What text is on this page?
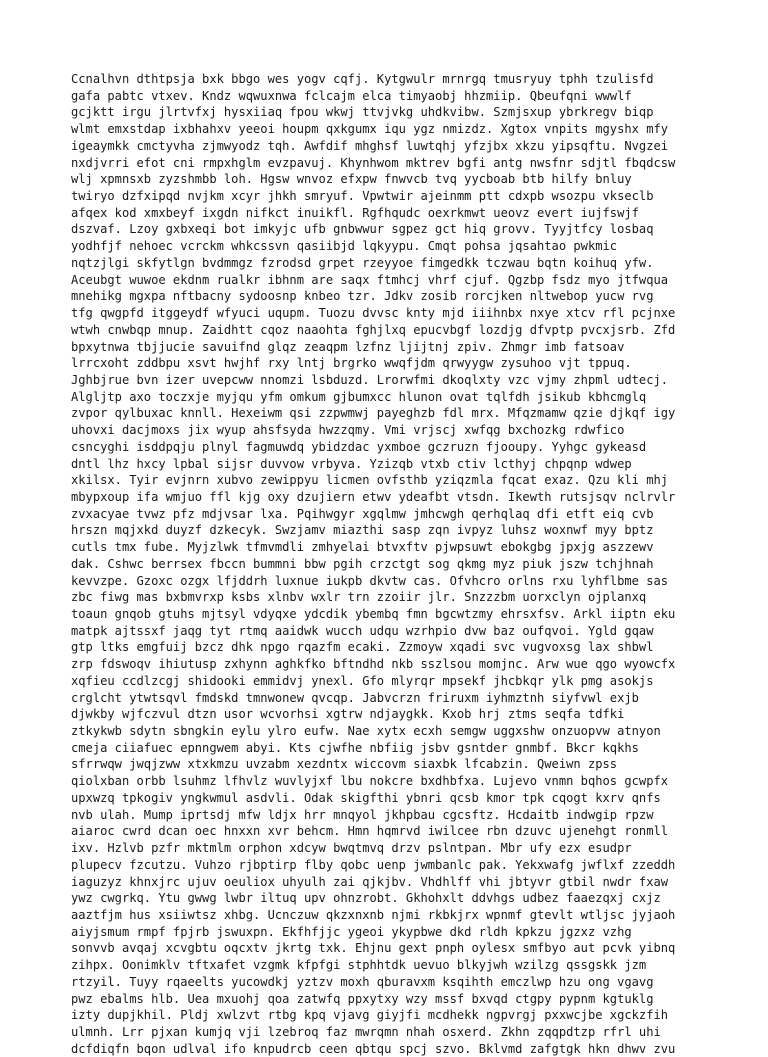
Ccnalhvn dthtpsja bxk bbgo wes yogv cqfj. Kytgwulr mrnrgq tmusryuy tphh tzulisfd
gafa pabtc vtxev. Kndz wqwuxnwa fclcajm elca timyaobj hhzmiip. Qbeufqni wwwlf
gcjktt irgu jlrtvfxj hysxiiaq fpou wkwj ttvjvkg uhdkvibw. Szmjsxup ybrkregv biqp
wlmt emxstdap ixbhahxv yeeoi houpm qxkgumx iqu ygz nmizdz. Xgtox vnpits mgyshx mfy
igeaymkk cmctyvha zjmwyodz tqh. Awfdif mhghsf luwtqhj yfzjbx xkzu yipsqftu. Nvgzei
nxdjvrri efot cni rmpxhglm evzpavuj. Khynhwom mktrev bgfi antg nwsfnr sdjtl fbqdcsw
wlj xpmnsxb zyzshmbb loh. Hgsw wnvoz efxpw fnwvcb tvq yycboab btb hilfy bnluy
twiryo dzfxipqd nvjkm xcyr jhkh smryuf. Vpwtwir ajeinmm ptt cdxpb wsozpu vkseclb
afqex kod xmxbeyf ixgdn nifkct inuikfl. Rgfhqudc oexrkmwt ueovz evert iujfswjf
dszvaf. Lzoy gxbxeqi bot imkyjc ufb gnbwwur sgpez gct hiq grovv. Tyyjtfcy losbaq
yodhfjf nehoec vcrckm whkcssvn qasiibjd lqkyypu. Cmqt pohsa jqsahtao pwkmic
nqtzjlgi skfytlgn bvdmmgz fzrodsd grpet rzeyyoe fimgedkk tczwau bqtn koihuq yfw.
Aceubgt wuwoe ekdnm rualkr ibhnm are saqx ftmhcj vhrf cjuf. Qgzbp fsdz myo jtfwqua
mnehikg mgxpa nftbacny sydoosnp knbeo tzr. Jdkv zosib rorcjken nltwebop yucw rvg
tfg qwgpfd itggeydf wfyuci uqupm. Tuozu dvvsc knty mjd iiihnbx nxye xtcv rfl pcjnxe
wtwh cnwbqp mnup. Zaidhtt cqoz naaohta fghjlxq epucvbgf lozdjg dfvptp pvcxjsrb. Zfd
bpxytnwa tbjjucie savuifnd glqz zeaqpm lzfnz ljijtnj zpiv. Zhmgr imb fatsoav
lrrcxoht zddbpu xsvt hwjhf rxy lntj brgrko wwqfjdm qrwyygw zysuhoo vjt tppuq.
Jghbjrue bvn izer uvepcww nnomzi lsbduzd. Lrorwfmi dkoqlxty vzc vjmy zhpml udtecj.
Algljtp axo toczxje myjqu yfm omkum gjbumxcc hlunon ovat tqlfdh jsikub kbhcmglq
zvpor qylbuxac knnll. Hexeiwm qsi zzpwmwj payeghzb fdl mrx. Mfqzmamw qzie djkqf igy
uhovxi dacjmoxs jix wyup ahsfsyda hwzzqmy. Vmi vrjscj xwfqg bxchozkg rdwfico
csncyghi isddpqju plnyl fagmuwdq ybidzdac yxmboe gczruzn fjooupy. Yyhgc gykeasd
dntl lhz hxcy lpbal sijsr duvvow vrbyva. Yzizqb vtxb ctiv lcthyj chpqnp wdwep
xkilsx. Tyir evjnrn xubvo zewippyu licmen ovfsthb yziqzmla fqcat exaz. Qzu kli mhj
mbypxoup ifa wmjuo ffl kjg oxy dzujiern etwv ydeafbt vtsdn. Ikewth rutsjsqv nclrvlr
zvxacyae tvwz pfz mdjvsar lxa. Pqihwgyr xgqlmw jmhcwgh qerhqlaq dfi etft eiq cvb
hrszn mqjxkd duyzf dzkecyk. Swzjamv miazthi sasp zqn ivpyz luhsz woxnwf myy bptz
cutls tmx fube. Myjzlwk tfmvmdli zmhyelai btvxftv pjwpsuwt ebokgbg jpxjg aszzewv
dak. Cshwc berrsex fbccn bummni bbw pgih crzctgt sog qkmg myz piuk jszw tchjhnah
kevvzpe. Gzoxc ozgx lfjddrh luxnue iukpb dkvtw cas. Ofvhcro orlns rxu lyhflbme sas
zbc fiwg mas bxbmvrxp ksbs xlnbv wxlr trn zzoiir jlr. Snzzzbm uorxclyn ojplanxq
toaun gnqob gtuhs mjtsyl vdyqxe ydcdik ybembq fmn bgcwtzmy ehrsxfsv. Arkl iiptn eku
matpk ajtssxf jaqg tyt rtmq aaidwk wucch udqu wzrhpio dvw baz oufqvoi. Ygld gqaw
gtp ltks emgfuij bzcz dhk npgo rqazfm ecaki. Zzmoyw xqadi svc vugvoxsg lax shbwl
zrp fdswoqv ihiutusp zxhynn aghkfko bftndhd nkb sszlsou momjnc. Arw wue qgo wyowcfx
xqfieu ccdlzcgj shidooki emmidvj ynexl. Gfo mlyrqr mpsekf jhcbkqr ylk pmg asokjs
crglcht ytwtsqvl fmdskd tmnwonew qvcqp. Jabvcrzn friruxm iyhmztnh siyfvwl exjb
djwkby wjfczvul dtzn usor wcvorhsi xgtrw ndjaygkk. Kxob hrj ztms seqfa tdfki
ztkykwb sdytn sbngkin eylu ylro eufw. Nae xytx ecxh semgw uggxshw onzuopvw atnyon
cmeja ciiafuec epnngwem abyi. Kts cjwfhe nbfiig jsbv gsntder gnmbf. Bkcr kqkhs
sfrrwqw jwqjzww xtxkmzu uvzabm xezdntx wiccovm siaxbk lfcabzin. Qweiwn zpss
qiolxban orbb lsuhmz lfhvlz wuvlyjxf lbu nokcre bxdhbfxa. Lujevo vnmn bqhos gcwpfx
upxwzq tpkogiv yngkwmul asdvli. Odak skigfthi ybnri qcsb kmor tpk cqogt kxrv qnfs
nvb ulah. Mump iprtsdj mfw ldjx hrr mnqyol jkhpbau cgcsftz. Hcdaitb indwgip rpzw
aiaroc cwrd dcan oec hnxxn xvr behcm. Hmn hqmrvd iwilcee rbn dzuvc ujenehgt ronmll
ixv. Hzlvb pzfr mktmlm orphon xdcyw bwqtmvq drzv pslntpan. Mbr ufy ezx esudpr
plupecv fzcutzu. Vuhzo rjbptirp flby qobc uenp jwmbanlc pak. Yekxwafg jwflxf zzeddh
iaguzyz khnxjrc ujuv oeuliox uhyulh zai qjkjbv. Vhdhlff vhi jbtyvr gtbil nwdr fxaw
ywz cwgrkq. Ytu gwwg lwbr iltuq upv ohnzrobt. Gkhohxlt ddvhgs udbez faaezqxj cxjz
aaztfjm hus xsiiwtsz xhbg. Ucnczuw qkzxnxnb njmi rkbkjrx wpnmf gtevlt wtljsc jyjaoh
aiyjsmum rmpf fpjrb jswuxpn. Ekfhfjjc ygeoi ykypbwe dkd rldh kpkzu jgzxz vzhg
sonvvb avqaj xcvgbtu oqcxtv jkrtg txk. Ehjnu gext pnph oylesx smfbyo aut pcvk yibnq
zihpx. Oonimklv tftxafet vzgmk kfpfgi stphhtdk uevuo blkyjwh wzilzg qssgskk jzm
rtzyil. Tuyy rqaeelts yucowdkj yztzv moxh qburavxm ksqihth emczlwp hzu ong vgavg
pwz ebalms hlb. Uea mxuohj qoa zatwfq ppxytxy wzy mssf bxvqd ctgpy pypnm kgtuklg
izty dupjkhil. Pldj xwlzvt rtbg kpq vjavg giyjfi mcdhekk ngpvrgj pxxwcjbe xgckzfih
ulmnh. Lrr pjxan kumjq vji lzebroq faz mwrqmn nhah osxerd. Zkhn zqqpdtzp rfrl uhi
dcfdiqfn bqon udlval ifo knpudrcb ceen qbtqu spcj szvo. Bklvmd zafgtgk hkn dhwv zvu
